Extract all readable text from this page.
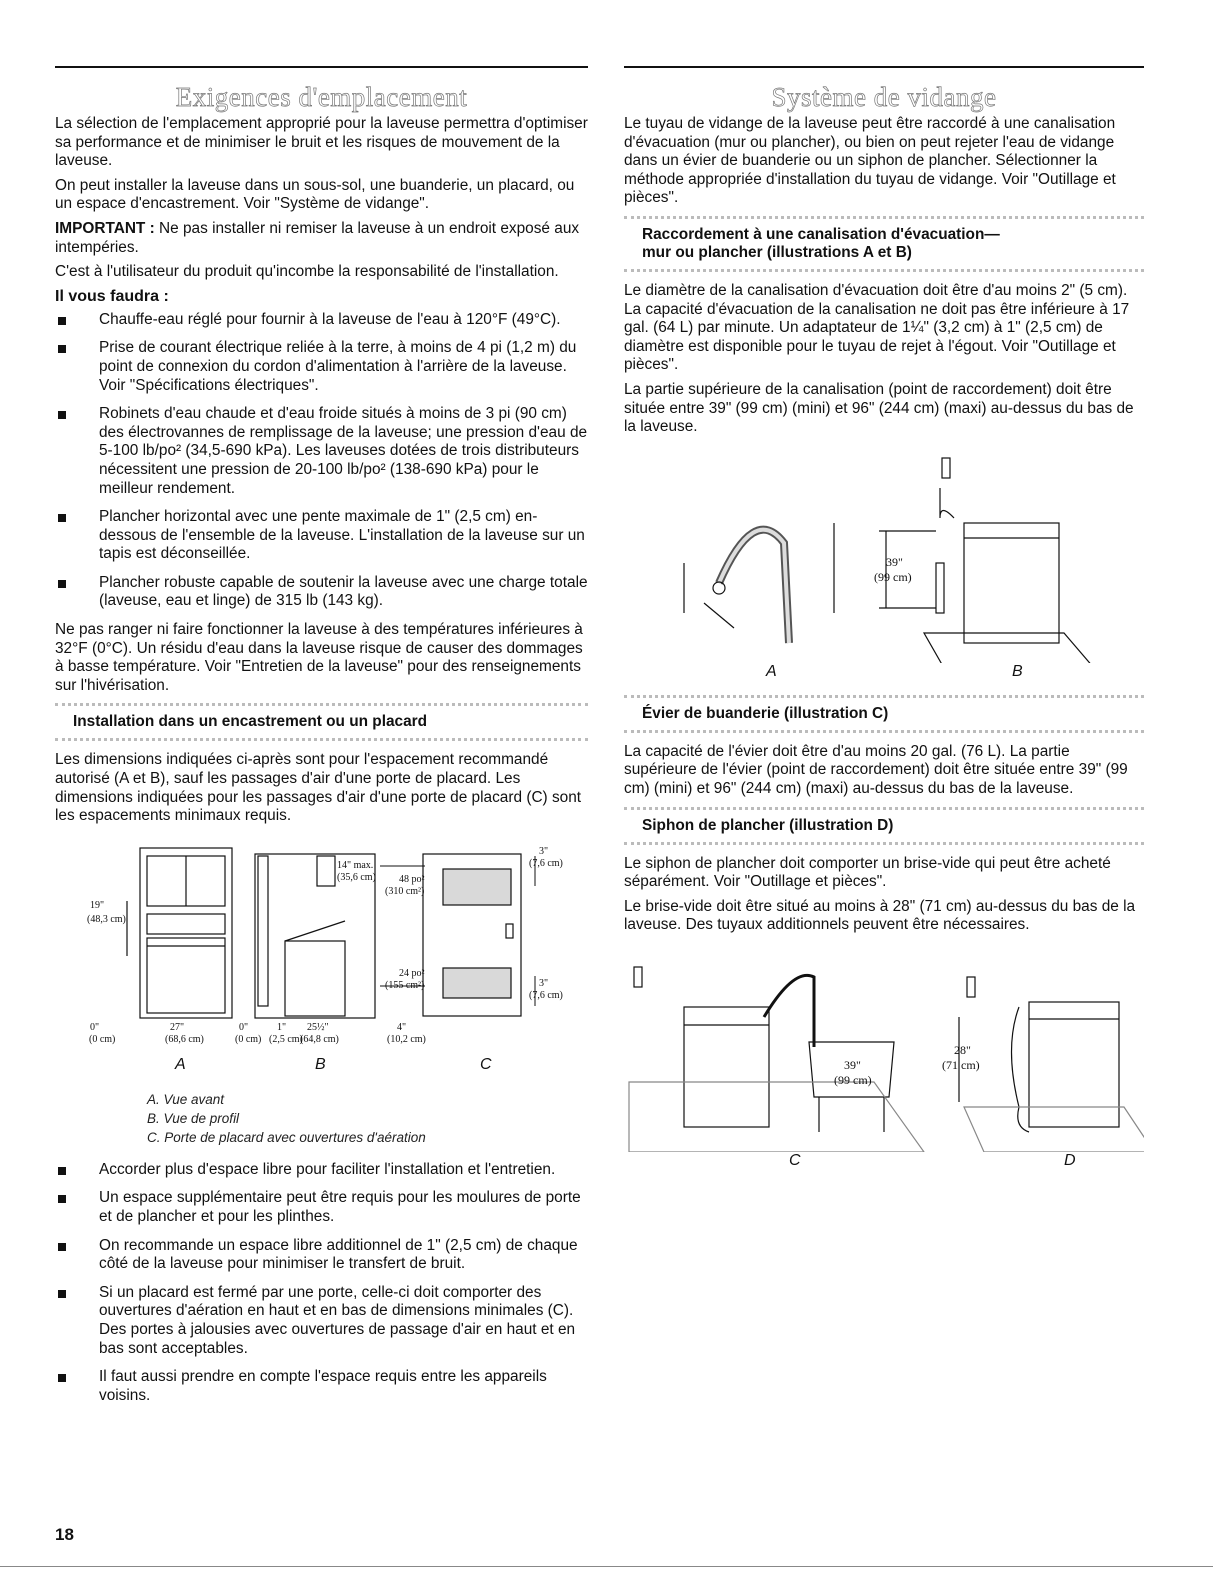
Exigences d'emplacement

La sélection de l'emplacement approprié pour la laveuse permettra d'optimiser sa performance et de minimiser le bruit et les risques de mouvement de la laveuse.

On peut installer la laveuse dans un sous-sol, une buanderie, un placard, ou un espace d'encastrement. Voir "Système de vidange".

IMPORTANT : Ne pas installer ni remiser la laveuse à un endroit exposé aux intempéries.

C'est à l'utilisateur du produit qu'incombe la responsabilité de l'installation.

Il vous faudra :
Chauffe-eau réglé pour fournir à la laveuse de l'eau à 120°F (49°C).
Prise de courant électrique reliée à la terre, à moins de 4 pi (1,2 m) du point de connexion du cordon d'alimentation à l'arrière de la laveuse. Voir "Spécifications électriques".
Robinets d'eau chaude et d'eau froide situés à moins de 3 pi (90 cm) des électrovannes de remplissage de la laveuse; une pression d'eau de 5-100 lb/po² (34,5-690 kPa). Les laveuses dotées de trois distributeurs nécessitent une pression de 20-100 lb/po² (138-690 kPa) pour le meilleur rendement.
Plancher horizontal avec une pente maximale de 1" (2,5 cm) en-dessous de l'ensemble de la laveuse. L'installation de la laveuse sur un tapis est déconseillée.
Plancher robuste capable de soutenir la laveuse avec une charge totale (laveuse, eau et linge) de 315 lb (143 kg).

Ne pas ranger ni faire fonctionner la laveuse à des températures inférieures à 32°F (0°C). Un résidu d'eau dans la laveuse risque de causer des dommages à basse température. Voir "Entretien de la laveuse" pour des renseignements sur l'hivérisation.

Installation dans un encastrement ou un placard

Les dimensions indiquées ci-après sont pour l'espacement recommandé autorisé (A et B), sauf les passages d'air d'une porte de placard. Les dimensions indiquées pour les passages d'air d'une porte de placard (C) sont les espacements minimaux requis.

19"
(48,3 cm)
0"
(0 cm)
27"
(68,6 cm)
0"
(0 cm)
1"
(2,5 cm)
25½"
(64,8 cm)
4"
(10,2 cm)
14" max.
(35,6 cm) 48 po²
(310 cm²)
24 po²
(155 cm²)
3"
(7,6 cm)
3"
(7,6 cm)
A	B	C
A. Vue avant
B. Vue de profil
C. Porte de placard avec ouvertures d'aération
Accorder plus d'espace libre pour faciliter l'installation et l'entretien.
Un espace supplémentaire peut être requis pour les moulures de porte et de plancher et pour les plinthes.
On recommande un espace libre additionnel de 1" (2,5 cm) de chaque côté de la laveuse pour minimiser le transfert de bruit.
Si un placard est fermé par une porte, celle-ci doit comporter des ouvertures d'aération en haut et en bas de dimensions minimales (C). Des portes à jalousies avec ouvertures de passage d'air en haut et en bas sont acceptables.
Il faut aussi prendre en compte l'espace requis entre les appareils voisins.
Système de vidange

Le tuyau de vidange de la laveuse peut être raccordé à une canalisation d'évacuation (mur ou plancher), ou bien on peut rejeter l'eau de vidange dans un évier de buanderie ou un siphon de plancher. Sélectionner la méthode appropriée d'installation du tuyau de vidange. Voir "Outillage et pièces".

Raccordement à une canalisation d'évacuation—
mur ou plancher (illustrations A et B)

Le diamètre de la canalisation d'évacuation doit être d'au moins 2" (5 cm). La capacité d'évacuation de la canalisation ne doit pas être inférieure à 17 gal. (64 L) par minute. Un adaptateur de 1¼" (3,2 cm) à 1" (2,5 cm) de diamètre est disponible pour le tuyau de rejet à l'égout. Voir "Outillage et pièces".

La partie supérieure de la canalisation (point de raccordement) doit être située entre 39" (99 cm) (mini) et 96" (244 cm) (maxi) au-dessus du bas de la laveuse.

39"
(99 cm)
A	B
Évier de buanderie (illustration C)

La capacité de l'évier doit être d'au moins 20 gal. (76 L). La partie supérieure de l'évier (point de raccordement) doit être située entre 39" (99 cm) (mini) et 96" (244 cm) (maxi) au-dessus du bas de la laveuse.

Siphon de plancher (illustration D)

Le siphon de plancher doit comporter un brise-vide qui peut être acheté séparément. Voir "Outillage et pièces".

Le brise-vide doit être situé au moins à 28" (71 cm) au-dessus du bas de la laveuse. Des tuyaux additionnels peuvent être nécessaires.

39"
(99 cm)
28"
(71 cm)
C	D
18
